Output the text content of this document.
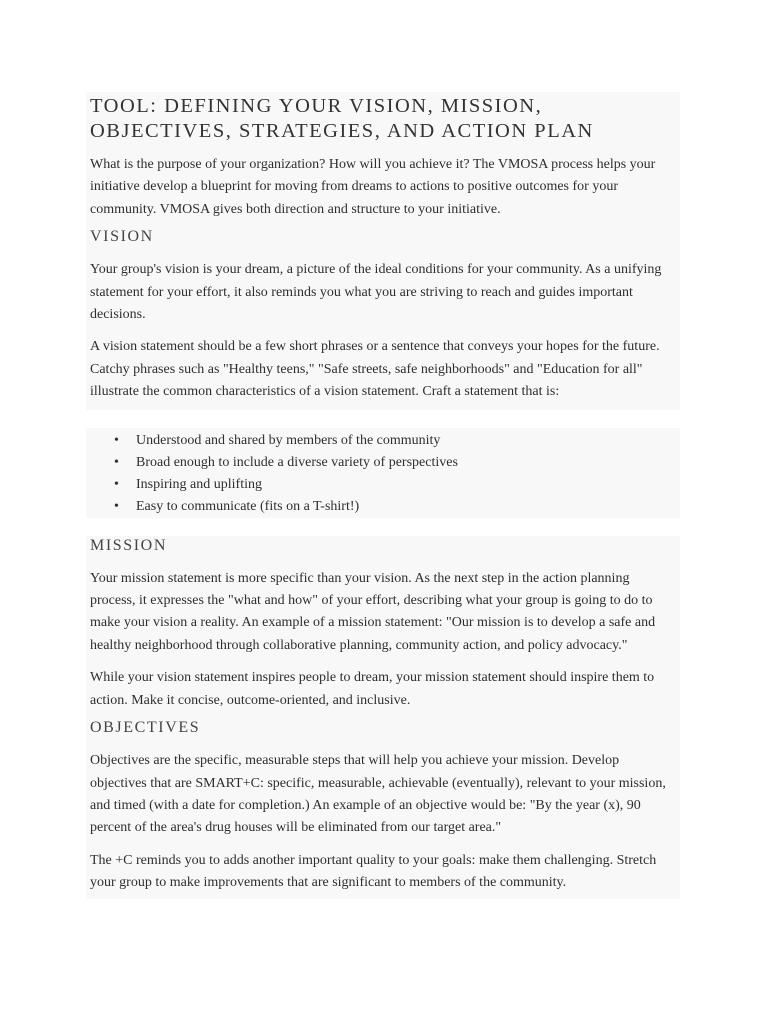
TOOL: DEFINING YOUR VISION, MISSION,
OBJECTIVES, STRATEGIES, AND ACTION PLAN

What is the purpose of your organization? How will you achieve it? The VMOSA process helps your initiative develop a blueprint for moving from dreams to actions to positive outcomes for your community. VMOSA gives both direction and structure to your initiative.

VISION

Your group's vision is your dream, a picture of the ideal conditions for your community. As a unifying statement for your effort, it also reminds you what you are striving to reach and guides important decisions.

A vision statement should be a few short phrases or a sentence that conveys your hopes for the future. Catchy phrases such as "Healthy teens," "Safe streets, safe neighborhoods" and "Education for all" illustrate the common characteristics of a vision statement. Craft a statement that is:

• Understood and shared by members of the community
• Broad enough to include a diverse variety of perspectives
• Inspiring and uplifting
• Easy to communicate (fits on a T-shirt!)
MISSION

Your mission statement is more specific than your vision. As the next step in the action planning process, it expresses the "what and how" of your effort, describing what your group is going to do to make your vision a reality. An example of a mission statement: "Our mission is to develop a safe and healthy neighborhood through collaborative planning, community action, and policy advocacy."

While your vision statement inspires people to dream, your mission statement should inspire them to action. Make it concise, outcome-oriented, and inclusive.

OBJECTIVES

Objectives are the specific, measurable steps that will help you achieve your mission. Develop objectives that are SMART+C: specific, measurable, achievable (eventually), relevant to your mission, and timed (with a date for completion.) An example of an objective would be: "By the year (x), 90 percent of the area's drug houses will be eliminated from our target area."

The +C reminds you to adds another important quality to your goals: make them challenging. Stretch your group to make improvements that are significant to members of the community.
